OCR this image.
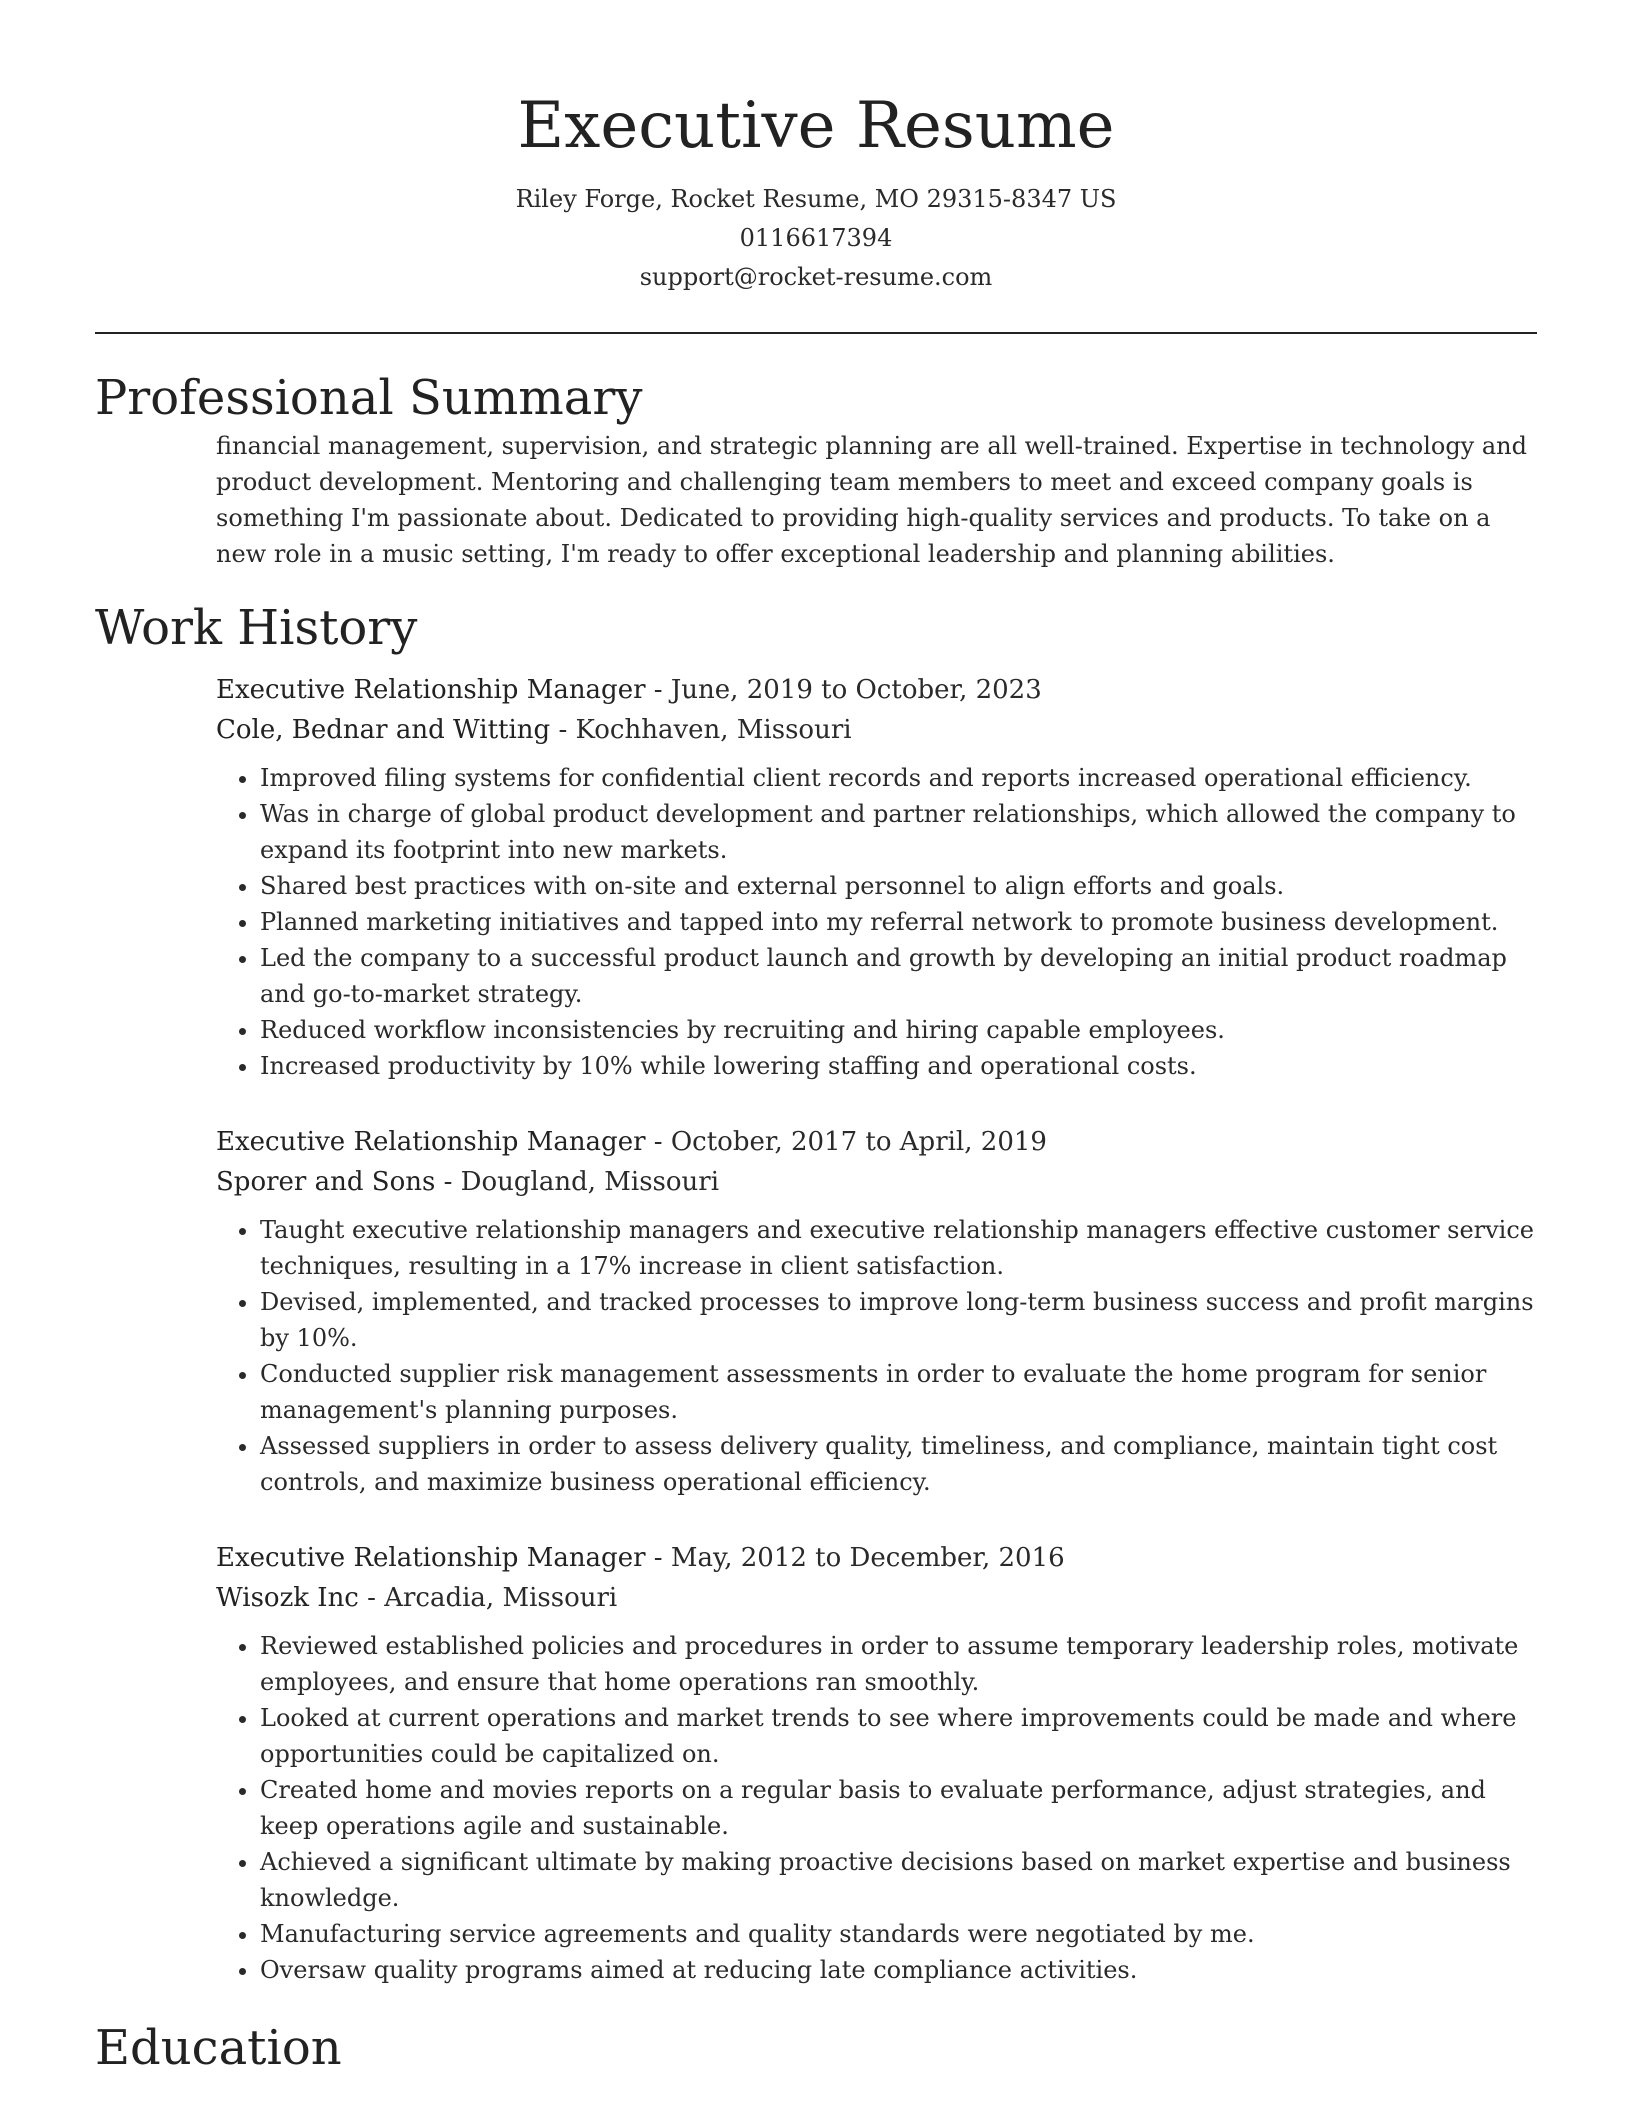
Executive Resume
Riley Forge, Rocket Resume, MO 29315-8347 US
0116617394
support@rocket-resume.com
Professional Summary

financial management, supervision, and strategic planning are all well-trained. Expertise in technology and product development. Mentoring and challenging team members to meet and exceed company goals is something I'm passionate about. Dedicated to providing high-quality services and products. To take on a new role in a music setting, I'm ready to offer exceptional leadership and planning abilities.

Work History
Executive Relationship Manager - June, 2019 to October, 2023
Cole, Bednar and Witting - Kochhaven, Missouri
• Improved filing systems for confidential client records and reports increased operational efficiency.
• Was in charge of global product development and partner relationships, which allowed the company to expand its footprint into new markets.
• Shared best practices with on-site and external personnel to align efforts and goals.
• Planned marketing initiatives and tapped into my referral network to promote business development.
• Led the company to a successful product launch and growth by developing an initial product roadmap and go-to-market strategy.
• Reduced workflow inconsistencies by recruiting and hiring capable employees.
• Increased productivity by 10% while lowering staffing and operational costs.
Executive Relationship Manager - October, 2017 to April, 2019
Sporer and Sons - Dougland, Missouri
• Taught executive relationship managers and executive relationship managers effective customer service techniques, resulting in a 17% increase in client satisfaction.
• Devised, implemented, and tracked processes to improve long-term business success and profit margins by 10%.
• Conducted supplier risk management assessments in order to evaluate the home program for senior management's planning purposes.
• Assessed suppliers in order to assess delivery quality, timeliness, and compliance, maintain tight cost controls, and maximize business operational efficiency.
Executive Relationship Manager - May, 2012 to December, 2016
Wisozk Inc - Arcadia, Missouri
• Reviewed established policies and procedures in order to assume temporary leadership roles, motivate employees, and ensure that home operations ran smoothly.
• Looked at current operations and market trends to see where improvements could be made and where opportunities could be capitalized on.
• Created home and movies reports on a regular basis to evaluate performance, adjust strategies, and keep operations agile and sustainable.
• Achieved a significant ultimate by making proactive decisions based on market expertise and business knowledge.
• Manufacturing service agreements and quality standards were negotiated by me.
• Oversaw quality programs aimed at reducing late compliance activities.
Education
